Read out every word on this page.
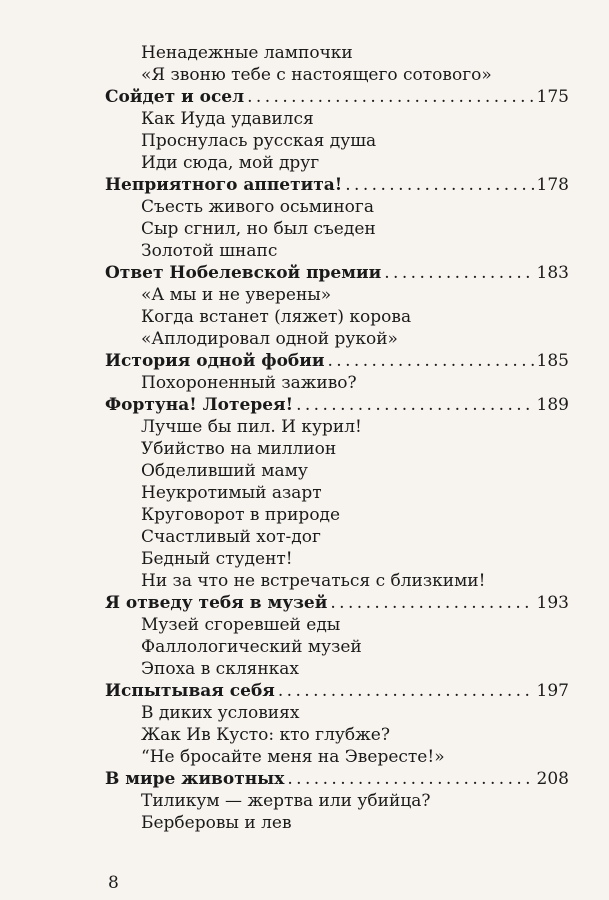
Ненадежные лампочки
«Я звоню тебе с настоящего сотового»
Сойдет и осел . . .	175
Как Иуда удавился
Проснулась русская душа
Иди сюда, мой друг
Неприятного аппетита! . . .	178
Съесть живого осьминога
Сыр сгнил, но был съеден
Золотой шнапс
Ответ Нобелевской премии . . .	183
«А мы и не уверены»
Когда встанет (ляжет) корова
«Аплодировал одной рукой»
История одной фобии . . .	185
Похороненный заживо?
Фортуна! Лотерея! . . .	189
Лучше бы пил. И курил!
Убийство на миллион
Обделивший маму
Неукротимый азарт
Круговорот в природе
Счастливый хот-дог
Бедный студент!
Ни за что не встречаться с близкими!
Я отведу тебя в музей . . .	193
Музей сгоревшей еды
Фаллологический музей
Эпоха в склянках
Испытывая себя . . .	197
В диких условиях
Жак Ив Кусто: кто глубже?
“Не бросайте меня на Эвересте!»
В мире животных . . .	208
Тиликум — жертва или убийца?
Берберовы и лев
8
